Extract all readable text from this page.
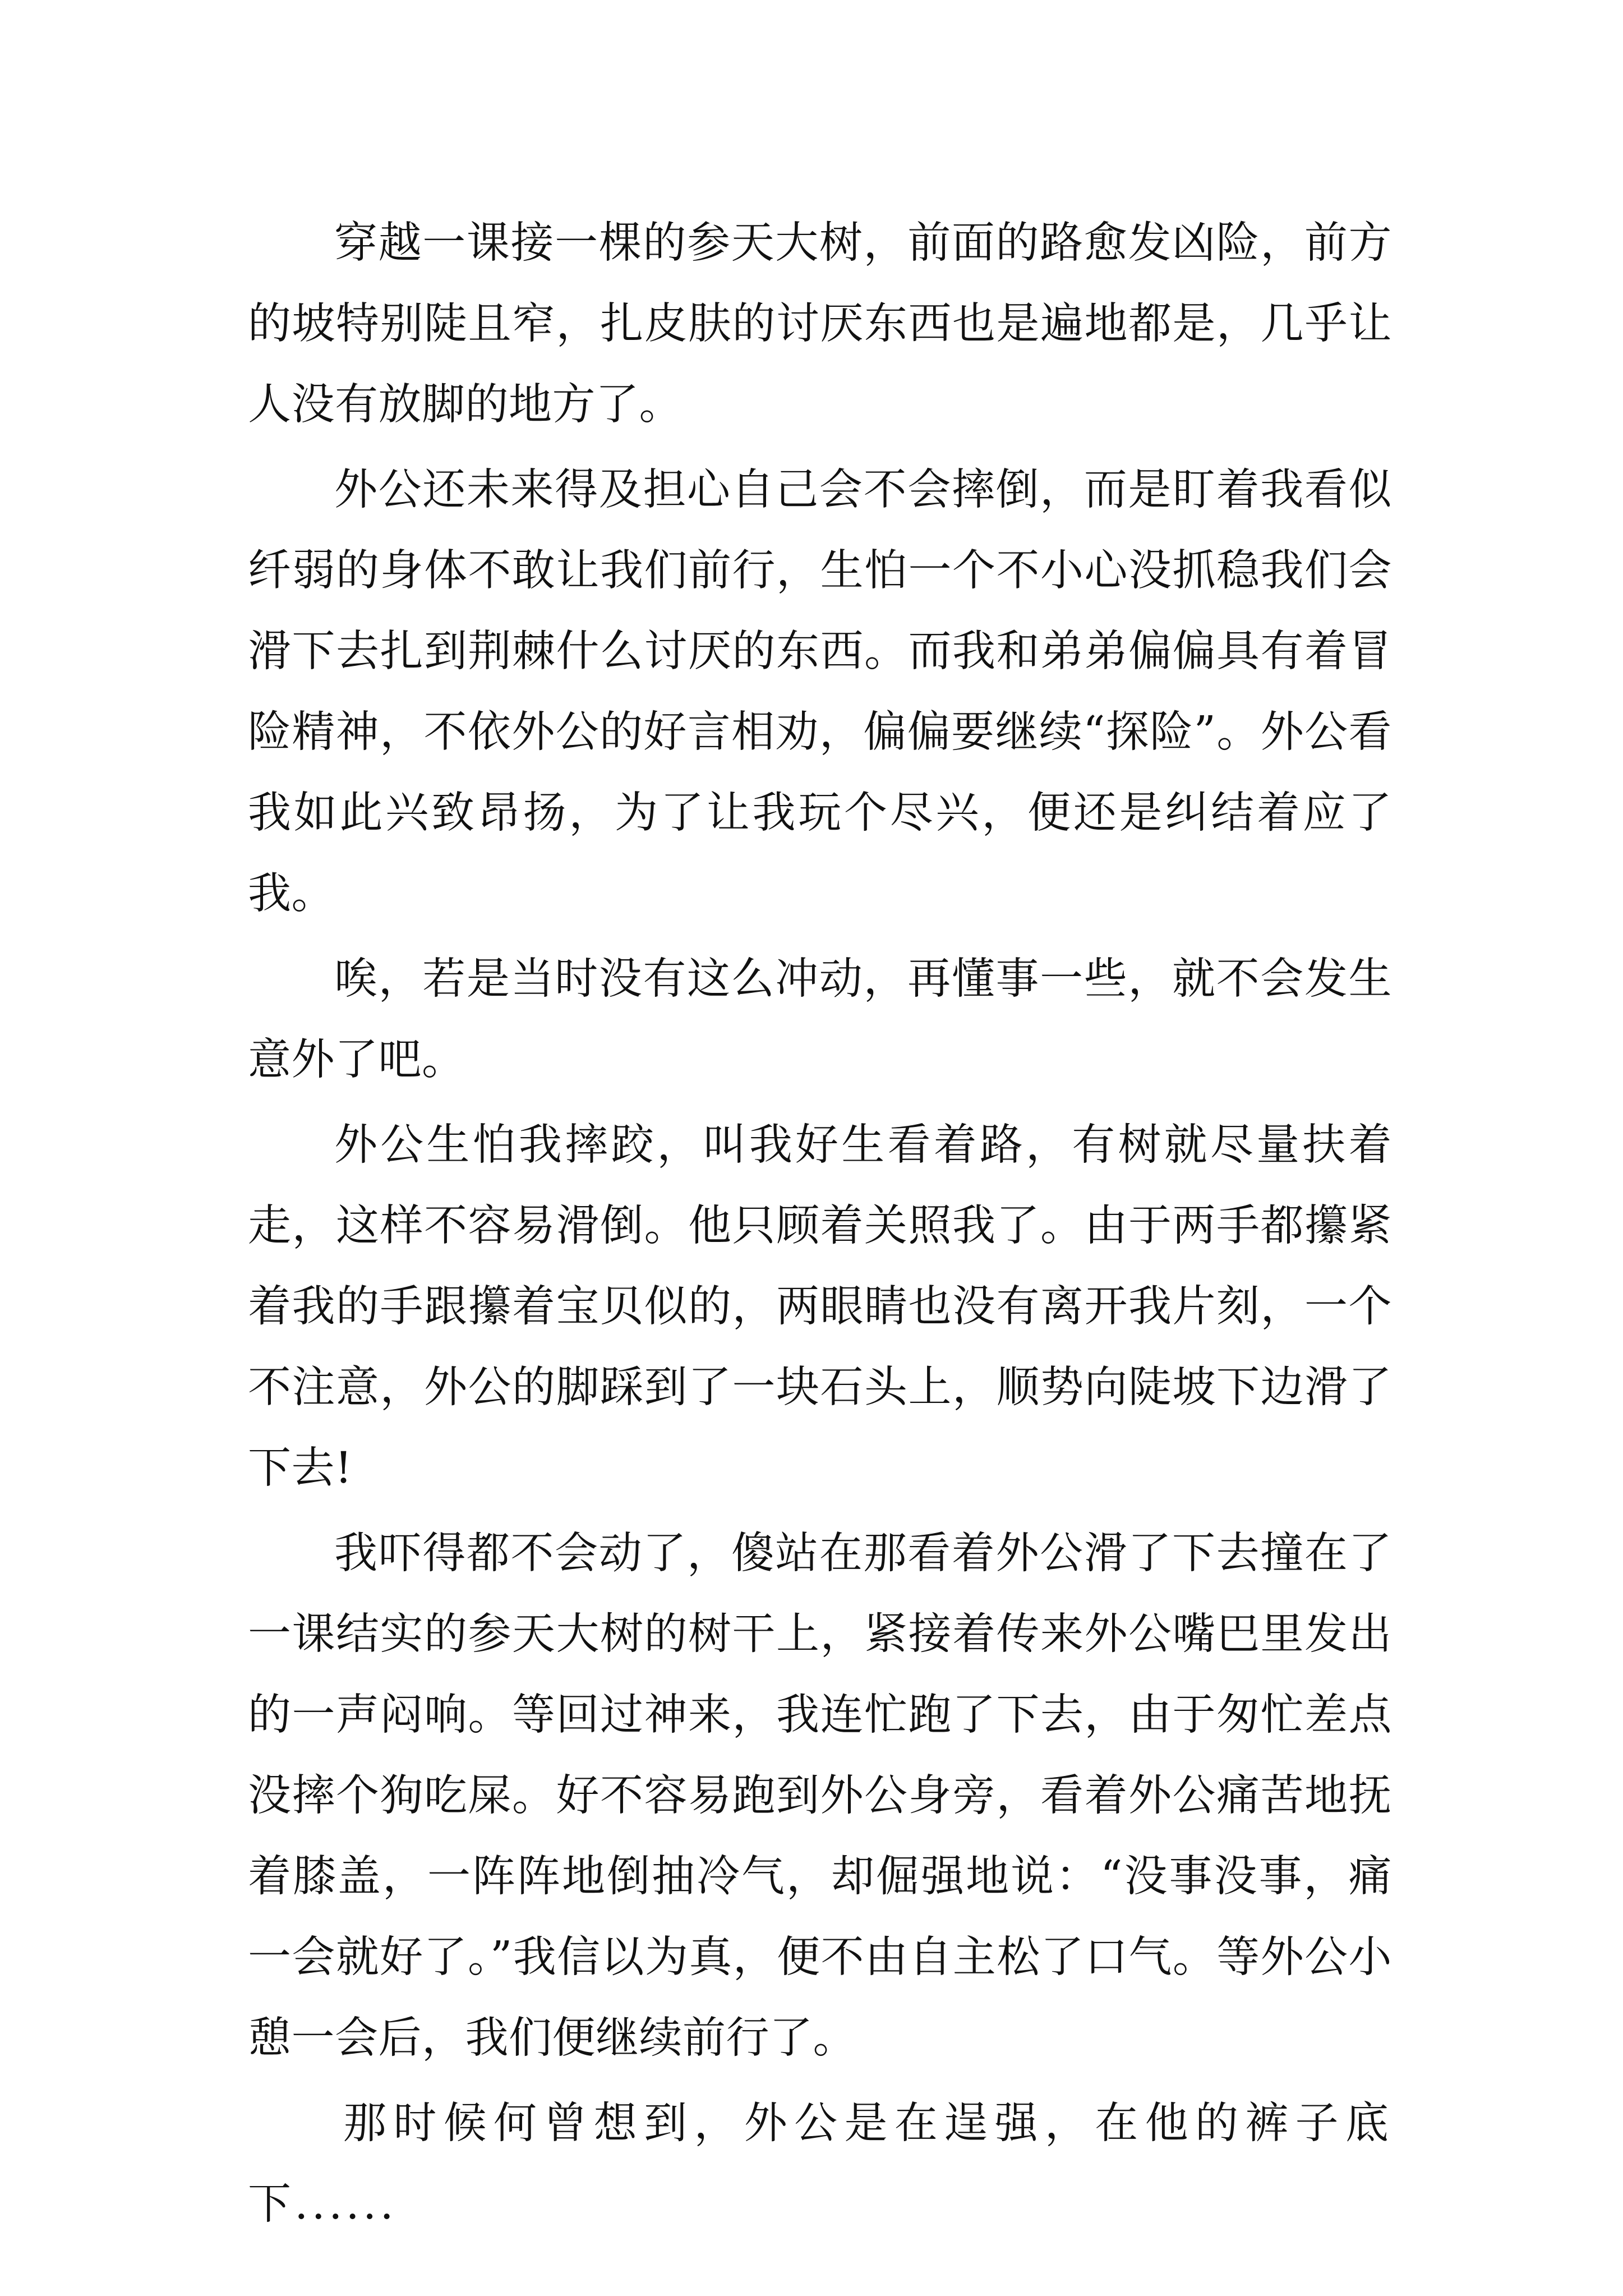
穿越一课接一棵的参天大树，前面的路愈发凶险，前方的坡特别陡且窄，扎皮肤的讨厌东西也是遍地都是，几乎让人没有放脚的地方了。

外公还未来得及担心自己会不会摔倒，而是盯着我看似纤弱的身体不敢让我们前行，生怕一个不小心没抓稳我们会滑下去扎到荆棘什么讨厌的东西。而我和弟弟偏偏具有着冒险精神，不依外公的好言相劝，偏偏要继续“探险”。外公看我如此兴致昂扬，为了让我玩个尽兴，便还是纠结着应了我。

唉，若是当时没有这么冲动，再懂事一些，就不会发生意外了吧。

外公生怕我摔跤，叫我好生看着路，有树就尽量扶着走，这样不容易滑倒。他只顾着关照我了。由于两手都攥紧着我的手跟攥着宝贝似的，两眼睛也没有离开我片刻，一个不注意，外公的脚踩到了一块石头上，顺势向陡坡下边滑了下去!

我吓得都不会动了，傻站在那看着外公滑了下去撞在了一课结实的参天大树的树干上，紧接着传来外公嘴巴里发出的一声闷响。等回过神来，我连忙跑了下去，由于匆忙差点没摔个狗吃屎。好不容易跑到外公身旁，看着外公痛苦地抚着膝盖，一阵阵地倒抽冷气，却倔强地说：“没事没事，痛一会就好了。”我信以为真，便不由自主松了口气。等外公小憩一会后，我们便继续前行了。

那时候何曾想到，外公是在逞强，在他的裤子底下......
